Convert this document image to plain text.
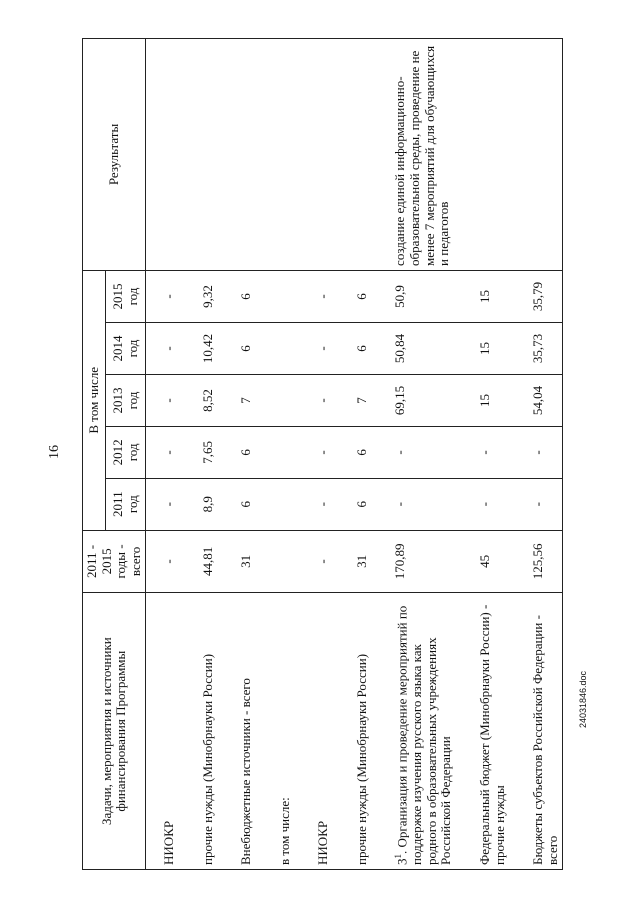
16
Задачи, мероприятия и источники финансирования Программы	2011 - 2015 годы - всего	В том числе					Результаты
		2011 год	2012 год	2013 год	2014 год	2015 год	
НИОКР	-	-	-	-	-	-	
прочие нужды (Минобрнауки России)	44,81	8,9	7,65	8,52	10,42	9,32	
Внебюджетные источники - всего	31	6	6	7	6	6	
в том числе:							
НИОКР	-	-	-	-	-	-	
прочие нужды (Минобрнауки России)	31	6	6	7	6	6	
$3^1$. Организация и проведение мероприятий по поддержке изучения русского языка как родного в образовательных учреждениях Российской Федерации	170,89	-	-	69,15	50,84	50,9	создание единой информационно-образовательной среды, проведение не менее 7 мероприятий для обучающихся и педагогов
Федеральный бюджет (Минобрнауки России) - прочие нужды	45	-	-	15	15	15	
Бюджеты субъектов Российской Федерации - всего	125,56	-	-	54,04	35,73	35,79	
24031846.doc
